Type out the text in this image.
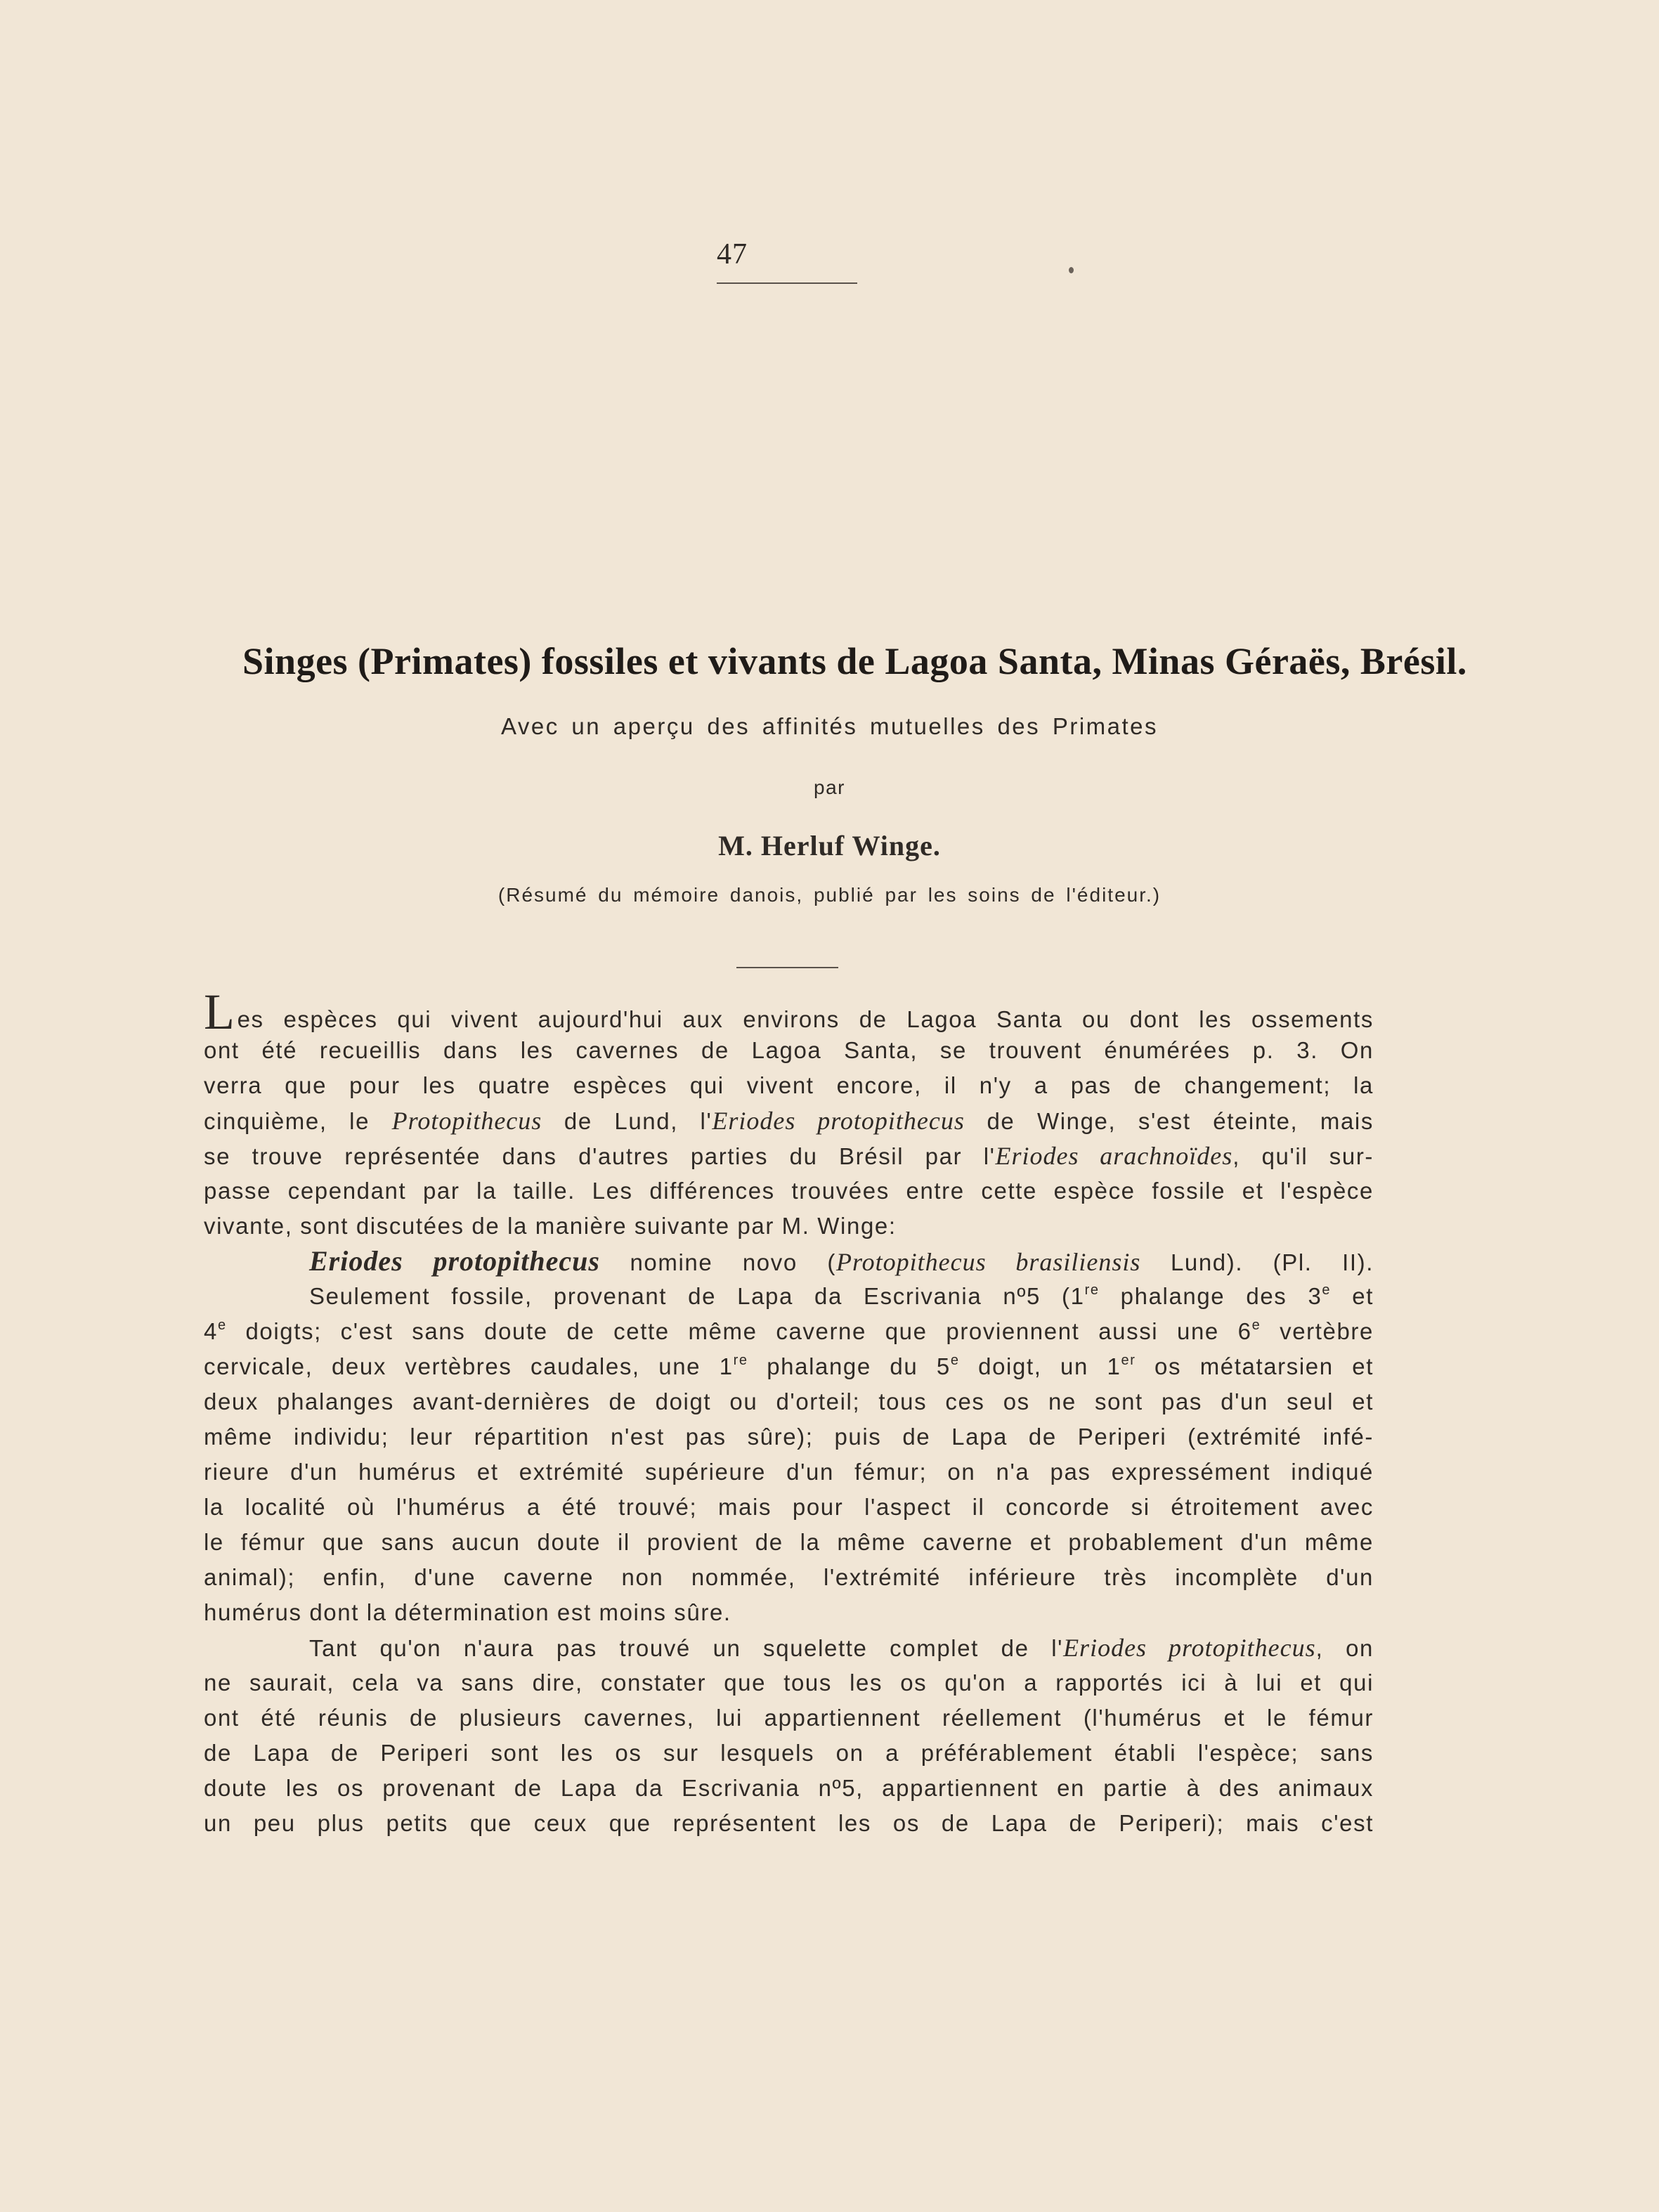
47
Singes (Primates) fossiles et vivants de Lagoa Santa, Minas Géraës, Brésil.
Avec un aperçu des affinités mutuelles des Primates
par
M. Herluf Winge.
(Résumé du mémoire danois, publié par les soins de l'éditeur.)
Les espèces qui vivent aujourd'hui aux environs de Lagoa Santa ou dont les ossements
ont été recueillis dans les cavernes de Lagoa Santa, se trouvent énumérées p. 3. On
verra que pour les quatre espèces qui vivent encore, il n'y a pas de changement; la
cinquième, le Protopithecus de Lund, l'Eriodes protopithecus de Winge, s'est éteinte, mais
se trouve représentée dans d'autres parties du Brésil par l'Eriodes arachnoïdes, qu'il sur-
passe cependant par la taille. Les différences trouvées entre cette espèce fossile et l'espèce
vivante, sont discutées de la manière suivante par M. Winge:
Eriodes protopithecus nomine novo (Protopithecus brasiliensis Lund). (Pl. II).
Seulement fossile, provenant de Lapa da Escrivania nº5 (1re phalange des 3e et
4e doigts; c'est sans doute de cette même caverne que proviennent aussi une 6e vertèbre
cervicale, deux vertèbres caudales, une 1re phalange du 5e doigt, un 1er os métatarsien et
deux phalanges avant-dernières de doigt ou d'orteil; tous ces os ne sont pas d'un seul et
même individu; leur répartition n'est pas sûre); puis de Lapa de Periperi (extrémité infé-
rieure d'un humérus et extrémité supérieure d'un fémur; on n'a pas expressément indiqué
la localité où l'humérus a été trouvé; mais pour l'aspect il concorde si étroitement avec
le fémur que sans aucun doute il provient de la même caverne et probablement d'un même
animal); enfin, d'une caverne non nommée, l'extrémité inférieure très incomplète d'un
humérus dont la détermination est moins sûre.
Tant qu'on n'aura pas trouvé un squelette complet de l'Eriodes protopithecus, on
ne saurait, cela va sans dire, constater que tous les os qu'on a rapportés ici à lui et qui
ont été réunis de plusieurs cavernes, lui appartiennent réellement (l'humérus et le fémur
de Lapa de Periperi sont les os sur lesquels on a préférablement établi l'espèce; sans
doute les os provenant de Lapa da Escrivania nº5, appartiennent en partie à des animaux
un peu plus petits que ceux que représentent les os de Lapa de Periperi); mais c'est
